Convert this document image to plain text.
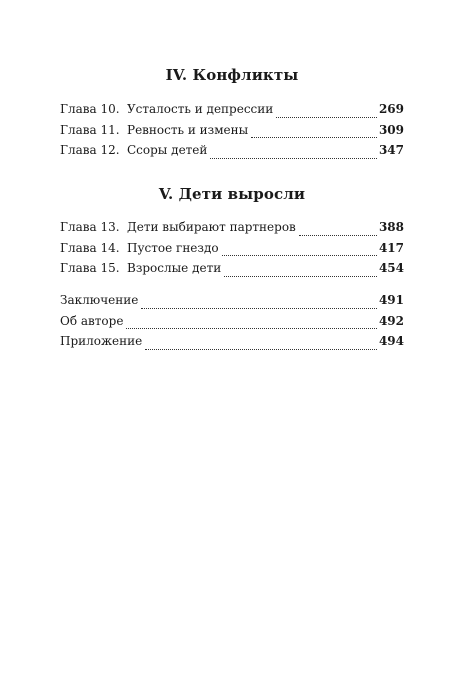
IV. Конфликты
Глава 10. Усталость и депрессии	269
Глава 11. Ревность и измены	309
Глава 12. Ссоры детей	347
V. Дети выросли
Глава 13. Дети выбирают партнеров	388
Глава 14. Пустое гнездо	417
Глава 15. Взрослые дети	454
Заключение	491
Об авторе	492
Приложение	494
